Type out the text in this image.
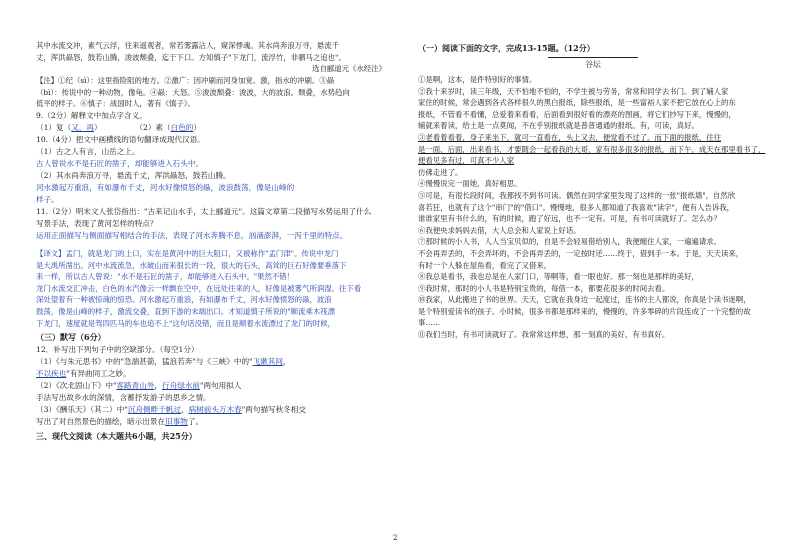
其中水流交冲，素气云浮，往来遥观者，常若雾露沾人，窥深悸魂。其水尚奔浪万寻，悬流千

丈，浑洪赑怒，鼓若山腾，浚波颓叠，迄于下口。方知慎子"下龙门，流浮竹，非驷马之追也"。

选自郦道元《水经注》

【注】①纪（sì）：这里指险阻的地方。②激广：因冲刷而河身加宽。激，指水的冲刷。③赑

（bì）：传说中的一种动物，像龟。④赑：大怒。⑤浚波颓叠：浚波，大的波浪。颓叠，水势趋向

低平的样子。⑥慎子：战国时人，著有《慎子》。

9.（2分）解释文中加点字含义。

（1）复（又，再）	（2）素（白色的）

10.（4分）把文中画横线的语句翻译成现代汉语。

（1）古之人有言，山岳之上。

古人曾说水不是石匠的凿子，却能够进入石头中。

（2）其水尚奔浪万寻，悬流千丈，浑洪赑怒，鼓若山腾。

河水激起万重浪，有如瀑布千丈，河水好像愤怒的赑，波浪鼓荡，像是山峰的

样子。

11.（2分）明末文人张岱指出："古来记山水手，太上郦道元"。这篇文章第二段描写水势运用了什么

写景手法，表现了黄河怎样的特点？

运用正面描写与侧面描写相结合的手法，表现了河水奔腾不息，汹涌澎湃，一泻千里的特点。

【译文】孟门，就是龙门的上口，实在是黄河中的巨大阻口，又被称作"孟门津"。传说中龙门

是大禹所凿出。河中水流流急，水破山而来很长的一段，很大的石头，高耸的巨石好像要垂落下

来一样，所以古人曾说："水不是石匠的凿子，却能够进入石头中。"果然不错！

龙门水流交汇冲击，白色的水汽像云一样飘在空中，在远处往来的人，好像是被雾气所润湿。往下看

深处望着有一种被惊魂的惊恐。河水激起万重浪，有如瀑布千丈，河水好像愤怒的赑，波浪

鼓荡，像是山峰的样子，激流交叠，直到下游的末端出口。才知道慎子所说的"顺流乘木筏漂

下龙门，速度就是驾四匹马的车也追不上"这句话没错，而且是顺着水流漂过了龙门的时候，

（三）默写（6分）

12．补写出下列句子中的空缺部分。（每空1分）

（1）《与朱元思书》中的"急湍甚箭，猛浪若奔"与《三峡》中的"飞漱其间，

不以疾也"有异曲同工之妙。

（2）《次北固山下》中"客路青山外，行舟绿水前"两句用拟人

手法写出故乡水的深情，含蓄抒发游子的思乡之情。

（3）《酬乐天》（其二）中"沉舟侧畔千帆过，病树前头万木春"两句描写秋冬相交

写出了对自然景色的描绘，暗示出景在旧事物了。

三、现代文阅读（本大题共6小题，共25分）

（一）阅读下面的文字，完成13-15题。（12分）

谷坛

①是啊，这本，是件特别好的事情。

②我十来岁时，读三年级，天不怕地不怕的，不学生被与劳务，常常和同学去书门。到了辅人家

家住的时候，常会遇到各式各样很久的黑白报纸，除些报纸，是一些富裕人家不把它放在心上的东

报纸，不管看不看懂，总爱着来看看，后面看到很好看的漂亮的图画，将它们抄写下来，慢慢的，

辅就来着读，给土是一点莫闻，不在乎别报纸就是普普通通的报纸。有，可读，真好。

③老看着看着，身子来坐下，就可一直看在，头上又去，便觉看不过了。而下面的报纸，往往

是一面、后面，出来看书，才要随会一起看我的大哥，家有很多很多的报纸，而下午，成天在那里看书了，便看见多有过，可真不少人家

仿佛走进了。

④慢慢说完一面她，真好相思。

⑤可是，有很长段时间，我都找不到书可读。偶然在同学家里发现了这样的一张"报纸墙"，自然欣

喜若狂，也就有了这个"串门"的"借口"。慢慢地，很多人都知道了我喜欢"读字"，便有人告诉我，

谁谁家里有书什么的，有的时候，跑了好远，也不一定有。可是，有书可读就好了。怎么办？

⑥我便央求妈妈去借，大人总会和人家说上好话。

⑦那时候的小人书，人人当宝贝似的，自是不会轻易借给别人，我便缠住人家，一遍遍请求。

不会再弄丢的，不会弄坏的，不会再弄丢的，一定按时还……终于，借到手一本。于是，天天读来，

有时一个人躲在屋角看，看完了又借来。

⑧我总是看书，我也总是在人家门口，等啊等，看一眼也好。那一刻也是那样的美好，

⑨我时常，那时的小人书是特别宝贵的，每借一本，都要花很多的时间去看。

⑩我家，从此搬进了书的世界。天天，它就在我身边一起度过，连书的主人都说，你真是个读书迷啊，

是个特别爱读书的孩子。小时候，很多书都是那样来的，慢慢的，许多零碎的片段连成了一个完整的故事……

⑪我们当时，有书可读就好了。我常常这样想，那一刻真的美好，有书真好。

2
